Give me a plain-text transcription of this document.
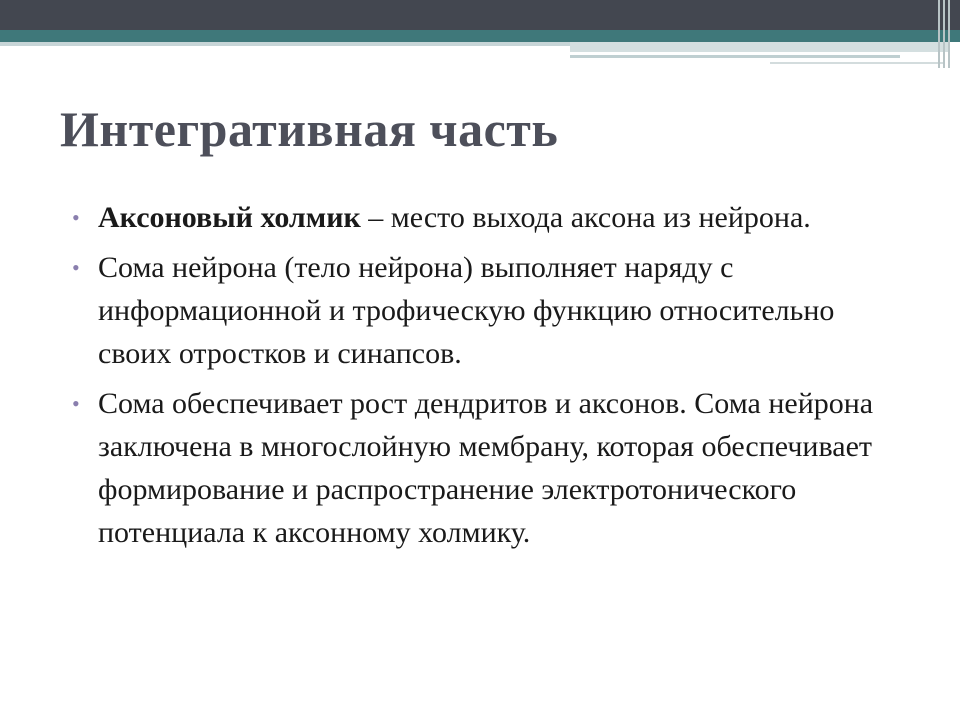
Интегративная часть
• Аксоновый холмик – место выхода аксона из нейрона.
• Сома нейрона (тело нейрона) выполняет наряду с информационной и трофическую функцию относительно своих отростков и синапсов.
• Сома обеспечивает рост дендритов и аксонов. Сома нейрона заключена в многослойную мембрану, которая обеспечивает формирование и распространение электротонического потенциала к аксонному холмику.
